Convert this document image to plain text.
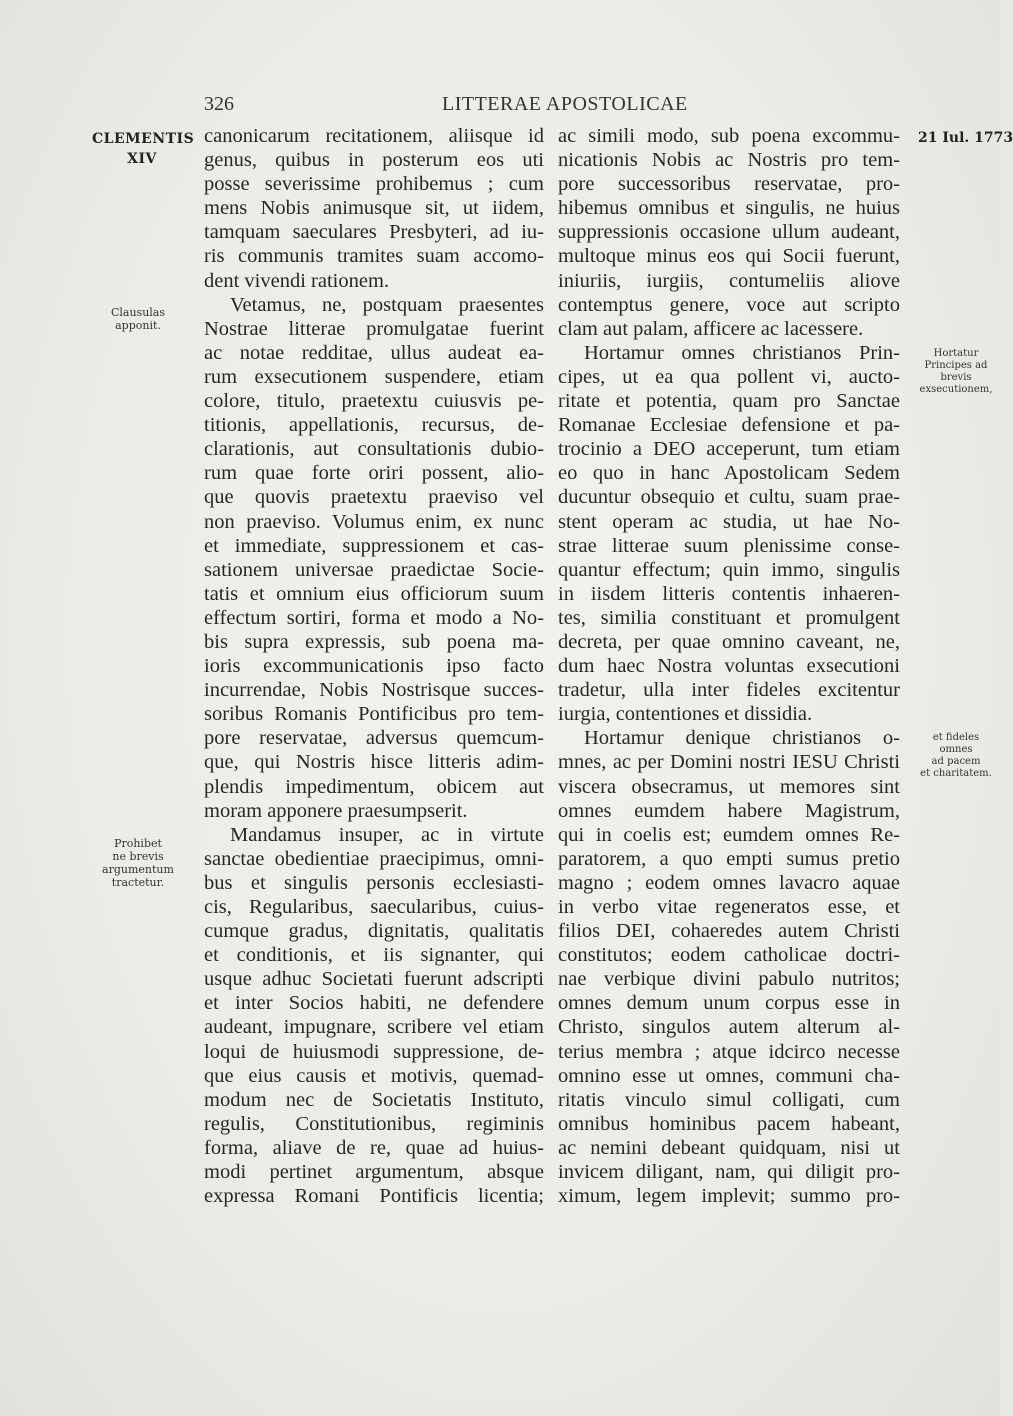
326	LITTERAE APOSTOLICAE
CLEMENTIS
XIV
21 Iul. 1773
Clausulas
apponit.
Prohibet
ne brevis
argumentum
tractetur.
Hortatur
Principes ad
brevis
exsecutionem,
et fideles
omnes
ad pacem
et charitatem.
canonicarum recitationem, aliisque id
genus, quibus in posterum eos uti
posse severissime prohibemus ; cum
mens Nobis animusque sit, ut iidem,
tamquam saeculares Presbyteri, ad iu-
ris communis tramites suam accomo-
dent vivendi rationem.
Vetamus, ne, postquam praesentes
Nostrae litterae promulgatae fuerint
ac notae redditae, ullus audeat ea-
rum exsecutionem suspendere, etiam
colore, titulo, praetextu cuiusvis pe-
titionis, appellationis, recursus, de-
clarationis, aut consultationis dubio-
rum quae forte oriri possent, alio-
que quovis praetextu praeviso vel
non praeviso. Volumus enim, ex nunc
et immediate, suppressionem et cas-
sationem universae praedictae Socie-
tatis et omnium eius officiorum suum
effectum sortiri, forma et modo a No-
bis supra expressis, sub poena ma-
ioris excommunicationis ipso facto
incurrendae, Nobis Nostrisque succes-
soribus Romanis Pontificibus pro tem-
pore reservatae, adversus quemcum-
que, qui Nostris hisce litteris adim-
plendis impedimentum, obicem aut
moram apponere praesumpserit.
Mandamus insuper, ac in virtute
sanctae obedientiae praecipimus, omni-
bus et singulis personis ecclesiasti-
cis, Regularibus, saecularibus, cuius-
cumque gradus, dignitatis, qualitatis
et conditionis, et iis signanter, qui
usque adhuc Societati fuerunt adscripti
et inter Socios habiti, ne defendere
audeant, impugnare, scribere vel etiam
loqui de huiusmodi suppressione, de-
que eius causis et motivis, quemad-
modum nec de Societatis Instituto,
regulis, Constitutionibus, regiminis
forma, aliave de re, quae ad huius-
modi pertinet argumentum, absque
expressa Romani Pontificis licentia;
ac simili modo, sub poena excommu-
nicationis Nobis ac Nostris pro tem-
pore successoribus reservatae, pro-
hibemus omnibus et singulis, ne huius
suppressionis occasione ullum audeant,
multoque minus eos qui Socii fuerunt,
iniuriis, iurgiis, contumeliis aliove
contemptus genere, voce aut scripto
clam aut palam, afficere ac lacessere.
Hortamur omnes christianos Prin-
cipes, ut ea qua pollent vi, aucto-
ritate et potentia, quam pro Sanctae
Romanae Ecclesiae defensione et pa-
trocinio a DEO acceperunt, tum etiam
eo quo in hanc Apostolicam Sedem
ducuntur obsequio et cultu, suam prae-
stent operam ac studia, ut hae No-
strae litterae suum plenissime conse-
quantur effectum; quin immo, singulis
in iisdem litteris contentis inhaeren-
tes, similia constituant et promulgent
decreta, per quae omnino caveant, ne,
dum haec Nostra voluntas exsecutioni
tradetur, ulla inter fideles excitentur
iurgia, contentiones et dissidia.
Hortamur denique christianos o-
mnes, ac per Domini nostri IESU Christi
viscera obsecramus, ut memores sint
omnes eumdem habere Magistrum,
qui in coelis est; eumdem omnes Re-
paratorem, a quo empti sumus pretio
magno ; eodem omnes lavacro aquae
in verbo vitae regeneratos esse, et
filios DEI, cohaeredes autem Christi
constitutos; eodem catholicae doctri-
nae verbique divini pabulo nutritos;
omnes demum unum corpus esse in
Christo, singulos autem alterum al-
terius membra ; atque idcirco necesse
omnino esse ut omnes, communi cha-
ritatis vinculo simul colligati, cum
omnibus hominibus pacem habeant,
ac nemini debeant quidquam, nisi ut
invicem diligant, nam, qui diligit pro-
ximum, legem implevit; summo pro-
